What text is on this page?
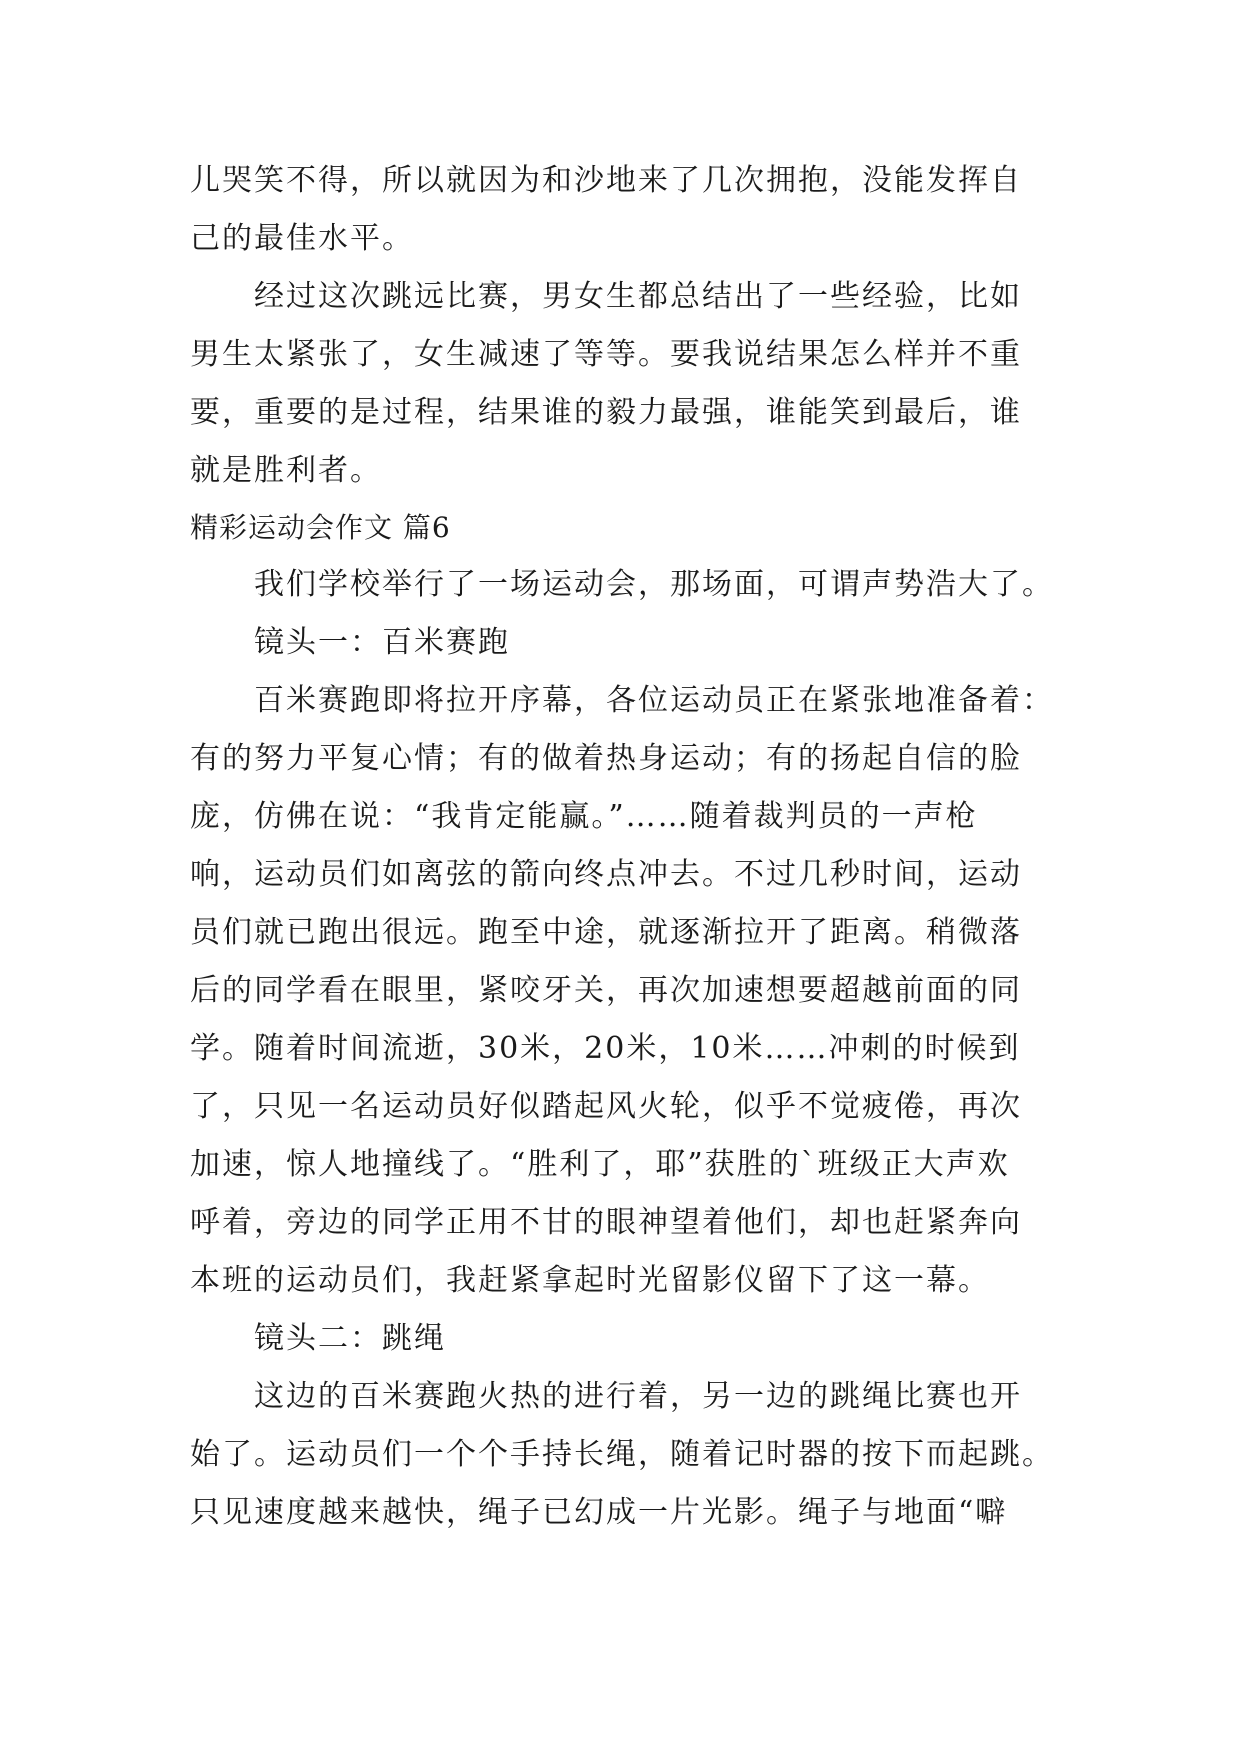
儿哭笑不得，所以就因为和沙地来了几次拥抱，没能发挥自
己的最佳水平。
经过这次跳远比赛，男女生都总结出了一些经验，比如
男生太紧张了，女生减速了等等。要我说结果怎么样并不重
要，重要的是过程，结果谁的毅力最强，谁能笑到最后，谁
就是胜利者。
精彩运动会作文 篇6
我们学校举行了一场运动会，那场面，可谓声势浩大了。
镜头一：百米赛跑
百米赛跑即将拉开序幕，各位运动员正在紧张地准备着：
有的努力平复心情；有的做着热身运动；有的扬起自信的脸
庞，仿佛在说：“我肯定能赢。”……随着裁判员的一声枪
响，运动员们如离弦的箭向终点冲去。不过几秒时间，运动
员们就已跑出很远。跑至中途，就逐渐拉开了距离。稍微落
后的同学看在眼里，紧咬牙关，再次加速想要超越前面的同
学。随着时间流逝，30米，20米，10米……冲刺的时候到
了，只见一名运动员好似踏起风火轮，似乎不觉疲倦，再次
加速，惊人地撞线了。“胜利了，耶”获胜的`班级正大声欢
呼着，旁边的同学正用不甘的眼神望着他们，却也赶紧奔向
本班的运动员们，我赶紧拿起时光留影仪留下了这一幕。
镜头二：跳绳
这边的百米赛跑火热的进行着，另一边的跳绳比赛也开
始了。运动员们一个个手持长绳，随着记时器的按下而起跳。
只见速度越来越快，绳子已幻成一片光影。绳子与地面“噼
